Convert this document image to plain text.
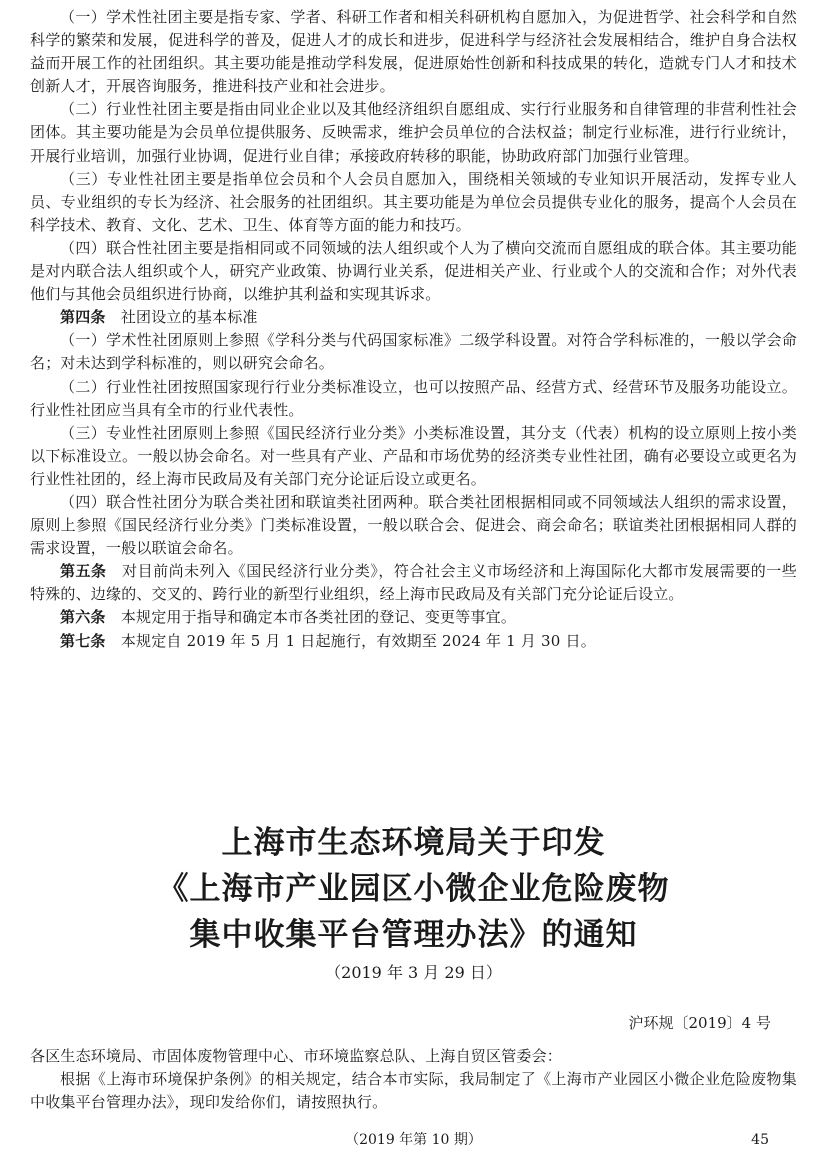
（一）学术性社团主要是指专家、学者、科研工作者和相关科研机构自愿加入，为促进哲学、社会科学和自然科学的繁荣和发展，促进科学的普及，促进人才的成长和进步，促进科学与经济社会发展相结合，维护自身合法权益而开展工作的社团组织。其主要功能是推动学科发展，促进原始性创新和科技成果的转化，造就专门人才和技术创新人才，开展咨询服务，推进科技产业和社会进步。

（二）行业性社团主要是指由同业企业以及其他经济组织自愿组成、实行行业服务和自律管理的非营利性社会团体。其主要功能是为会员单位提供服务、反映需求，维护会员单位的合法权益；制定行业标准，进行行业统计，开展行业培训，加强行业协调，促进行业自律；承接政府转移的职能，协助政府部门加强行业管理。

（三）专业性社团主要是指单位会员和个人会员自愿加入，围绕相关领域的专业知识开展活动，发挥专业人员、专业组织的专长为经济、社会服务的社团组织。其主要功能是为单位会员提供专业化的服务，提高个人会员在科学技术、教育、文化、艺术、卫生、体育等方面的能力和技巧。

（四）联合性社团主要是指相同或不同领域的法人组织或个人为了横向交流而自愿组成的联合体。其主要功能是对内联合法人组织或个人，研究产业政策、协调行业关系，促进相关产业、行业或个人的交流和合作；对外代表他们与其他会员组织进行协商，以维护其利益和实现其诉求。

第四条　 社团设立的基本标准

（一）学术性社团原则上参照《学科分类与代码国家标准》二级学科设置。对符合学科标准的，一般以学会命名；对未达到学科标准的，则以研究会命名。

（二）行业性社团按照国家现行行业分类标准设立，也可以按照产品、经营方式、经营环节及服务功能设立。行业性社团应当具有全市的行业代表性。

（三）专业性社团原则上参照《国民经济行业分类》小类标准设置，其分支（代表）机构的设立原则上按小类以下标准设立。一般以协会命名。对一些具有产业、产品和市场优势的经济类专业性社团，确有必要设立或更名为行业性社团的，经上海市民政局及有关部门充分论证后设立或更名。

（四）联合性社团分为联合类社团和联谊类社团两种。联合类社团根据相同或不同领域法人组织的需求设置，原则上参照《国民经济行业分类》门类标准设置，一般以联合会、促进会、商会命名；联谊类社团根据相同人群的需求设置，一般以联谊会命名。

第五条　 对目前尚未列入《国民经济行业分类》，符合社会主义市场经济和上海国际化大都市发展需要的一些特殊的、边缘的、交叉的、跨行业的新型行业组织，经上海市民政局及有关部门充分论证后设立。

第六条　 本规定用于指导和确定本市各类社团的登记、变更等事宜。

第七条　 本规定自 2019 年 5 月 1 日起施行，有效期至 2024 年 1 月 30 日。

上海市生态环境局关于印发
《上海市产业园区小微企业危险废物
集中收集平台管理办法》的通知
（2019 年 3 月 29 日）
沪环规〔2019〕4 号

各区生态环境局、市固体废物管理中心、市环境监察总队、上海自贸区管委会：

根据《上海市环境保护条例》的相关规定，结合本市实际，我局制定了《上海市产业园区小微企业危险废物集中收集平台管理办法》，现印发给你们，请按照执行。

（2019 年第 10 期）	45
